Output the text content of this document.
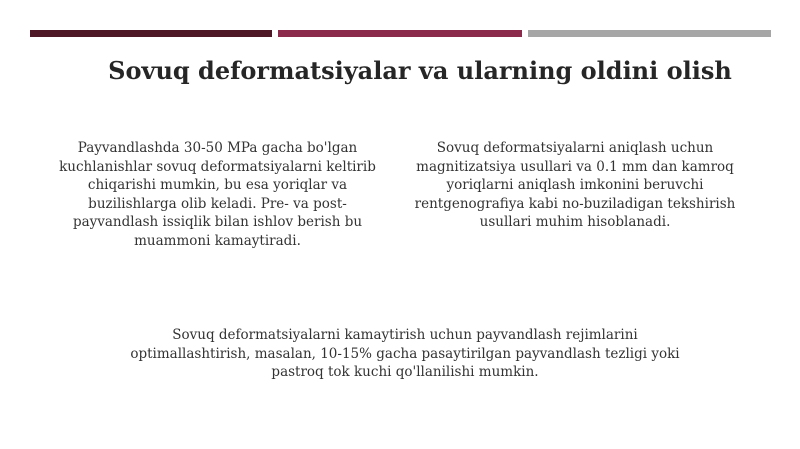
Sovuq deformatsiyalar va ularning oldini olish
Payvandlashda 30-50 MPa gacha bo'lgan kuchlanishlar sovuq deformatsiyalarni keltirib chiqarishi mumkin, bu esa yoriqlar va buzilishlarga olib keladi. Pre- va post-payvandlash issiqlik bilan ishlov berish bu muammoni kamaytiradi.
Sovuq deformatsiyalarni aniqlash uchun magnitizatsiya usullari va 0.1 mm dan kamroq yoriqlarni aniqlash imkonini beruvchi rentgenografiya kabi no-buziladigan tekshirish usullari muhim hisoblanadi.
Sovuq deformatsiyalarni kamaytirish uchun payvandlash rejimlarini optimallashtirish, masalan, 10-15% gacha pasaytirilgan payvandlash tezligi yoki pastroq tok kuchi qo'llanilishi mumkin.
